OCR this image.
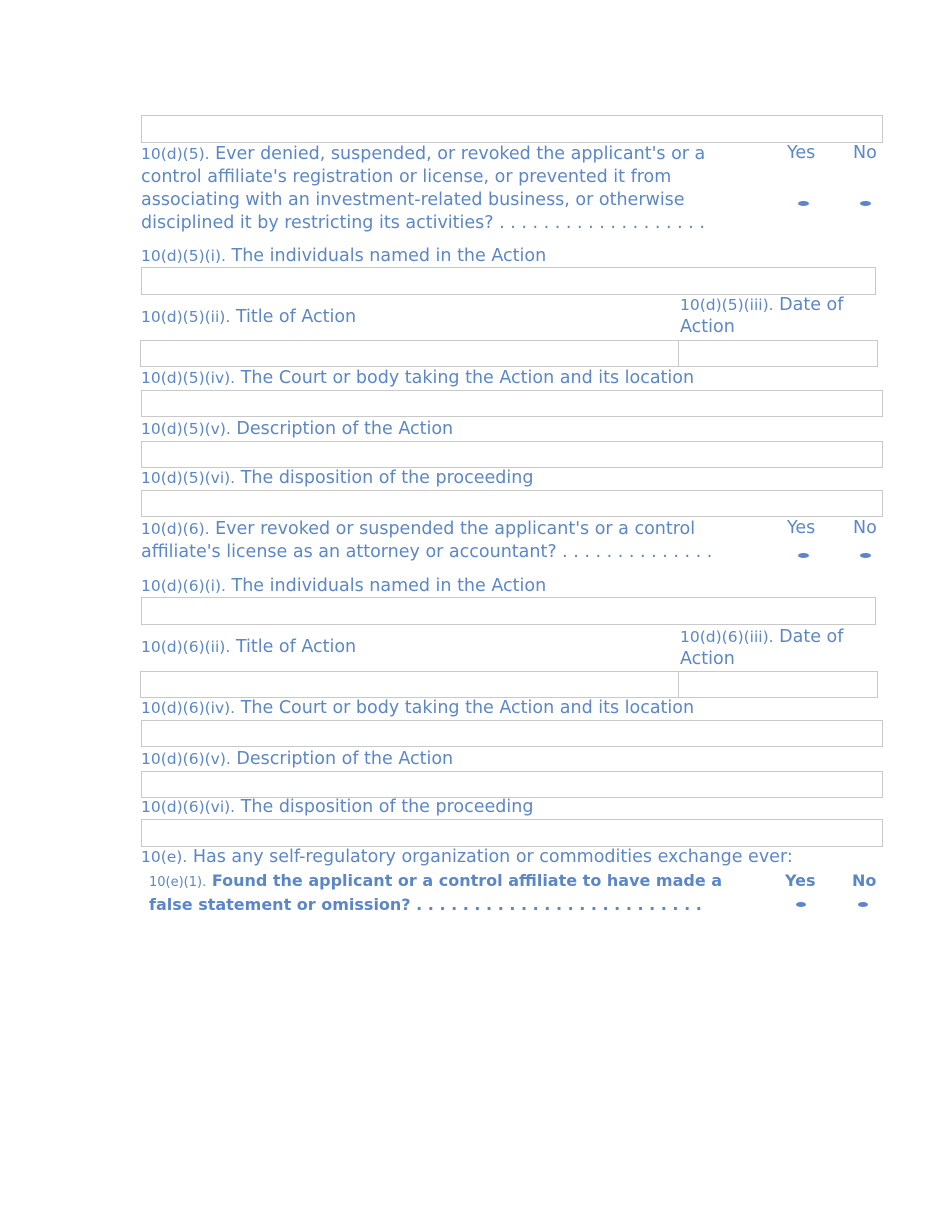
10(d)(5). Ever denied, suspended, or revoked the applicant's or a
control affiliate's registration or license, or prevented it from
associating with an investment-related business, or otherwise
disciplined it by restricting its activities? . . . . . . . . . . . . . . . . . . .
Yes No
10(d)(5)(i). The individuals named in the Action
10(d)(5)(ii). Title of Action
10(d)(5)(iii). Date of
Action
10(d)(5)(iv). The Court or body taking the Action and its location
10(d)(5)(v). Description of the Action
10(d)(5)(vi). The disposition of the proceeding
10(d)(6). Ever revoked or suspended the applicant's or a control
affiliate's license as an attorney or accountant? . . . . . . . . . . . . . .
Yes No
10(d)(6)(i). The individuals named in the Action
10(d)(6)(ii). Title of Action	10(d)(6)(iii). Date of
Action
10(d)(6)(iv). The Court or body taking the Action and its location
10(d)(6)(v). Description of the Action
10(d)(6)(vi). The disposition of the proceeding
10(e). Has any self-regulatory organization or commodities exchange ever:
10(e)(1). Found the applicant or a control affiliate to have made a
false statement or omission? . . . . . . . . . . . . . . . . . . . . . . . . .
Yes No
